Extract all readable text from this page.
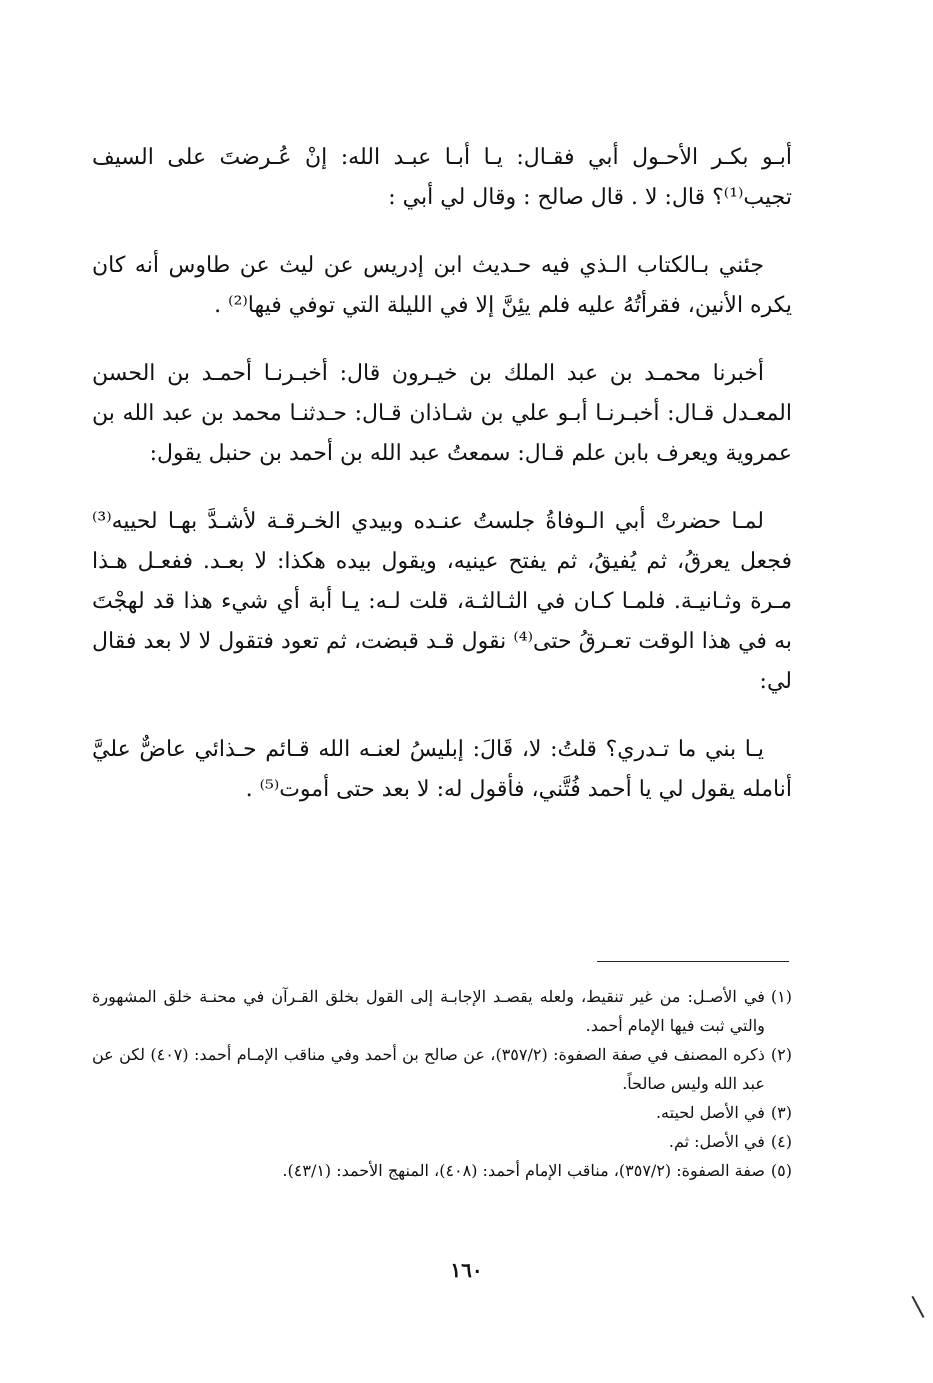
أبـو بكـر الأحـول أبي فقـال: يـا أبـا عبـد الله: إنْ عُـرضتَ على السيف تجيب⁽¹⁾؟ قال: لا . قال صالح : وقال لي أبي :

جئني بـالكتاب الـذي فيه حـديث ابن إدريس عن ليث عن طاوس أنه كان يكره الأنين، فقرأتُهُ عليه فلم يئِنَّ إلا في الليلة التي توفي فيها⁽²⁾ .

أخبرنا محمـد بن عبد الملك بن خيـرون قال: أخبـرنـا أحمـد بن الحسن المعـدل قـال: أخبـرنـا أبـو علي بن شـاذان قـال: حـدثنـا محمد بن عبد الله بن عمروية ويعرف بابن علم قـال: سمعتُ عبد الله بن أحمد بن حنبل يقول:

لمـا حضرتْ أبي الـوفاةُ جلستُ عنـده وبيدي الخـرقـة لأشـدَّ بهـا لحييه⁽³⁾ فجعل يعرقُ، ثم يُفيقُ، ثم يفتح عينيه، ويقول بيده هكذا: لا بعـد. ففعـل هـذا مـرة وثـانيـة. فلمـا كـان في الثـالثـة، قلت لـه: يـا أبة أي شيء هذا قد لهجْتَ به في هذا الوقت تعـرقُ حتى⁽⁴⁾ نقول قـد قبضت، ثم تعود فتقول لا لا بعد فقال لي:

يـا بني ما تـدري؟ قلتُ: لا، قَالَ: إبليسُ لعنـه الله قـائم حـذائي عاضٌّ عليَّ أنامله يقول لي يا أحمد فُتَّني، فأقول له: لا بعد حتى أموت⁽⁵⁾ .

(١)
في الأصـل: من غير تنقيط، ولعله يقصـد الإجابـة إلى القول بخلق القـرآن في محنـة خلق المشهورة والتي ثبت فيها الإمام أحمد.
(٢)
ذكره المصنف في صفة الصفوة: (٣٥٧/٢)، عن صالح بن أحمد وفي مناقب الإمـام أحمد: (٤٠٧) لكن عن عبد الله وليس صالحاً.
(٣)
في الأصل لحيته.
(٤)
في الأصل: ثم.
(٥)
صفة الصفوة: (٣٥٧/٢)، مناقب الإمام أحمد: (٤٠٨)، المنهج الأحمد: (٤٣/١).
١٦٠
